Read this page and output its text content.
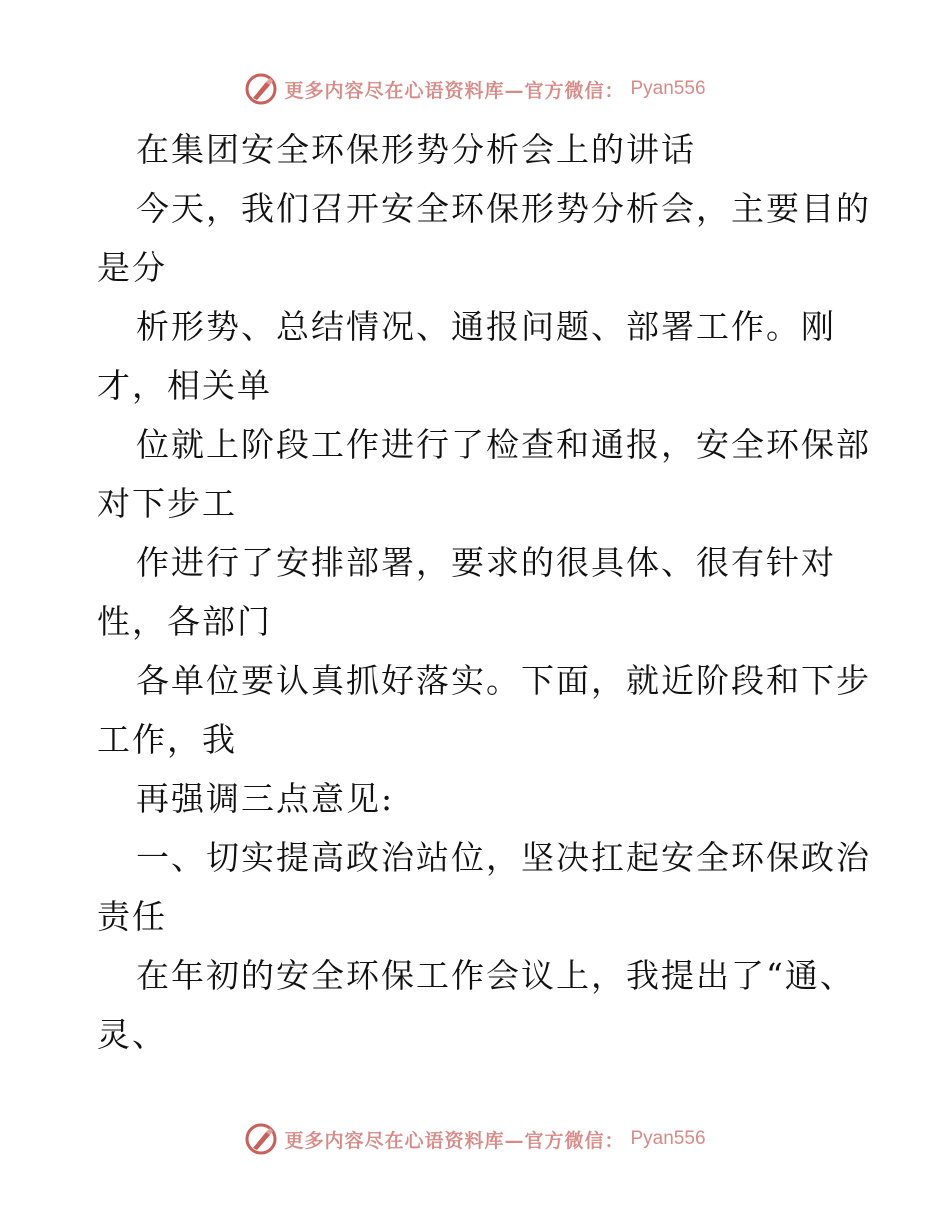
更多内容尽在心语资料库—官方微信： Pyan556
在集团安全环保形势分析会上的讲话
今天，我们召开安全环保形势分析会，主要目的
是分
析形势、总结情况、通报问题、部署工作。刚
才，相关单
位就上阶段工作进行了检查和通报，安全环保部
对下步工
作进行了安排部署，要求的很具体、很有针对
性，各部门
各单位要认真抓好落实。下面，就近阶段和下步
工作，我
再强调三点意见:
一、切实提高政治站位，坚决扛起安全环保政治
责任
在年初的安全环保工作会议上，我提出了“通、
灵、
更多内容尽在心语资料库—官方微信： Pyan556
